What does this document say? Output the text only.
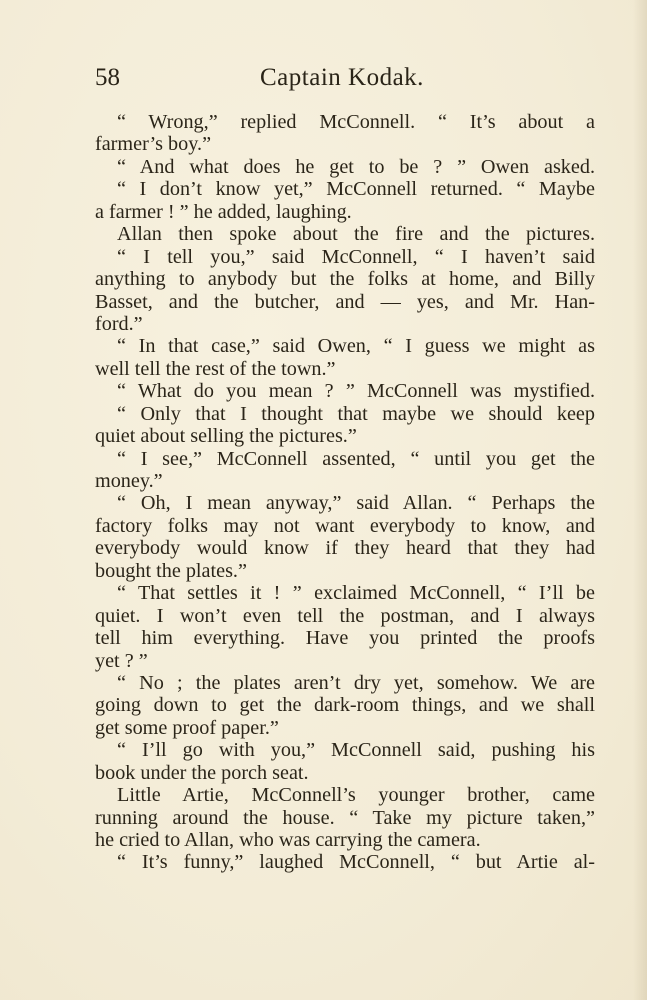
58	Captain Kodak.
“ Wrong,” replied McConnell. “ It’s about a
farmer’s boy.”
“ And what does he get to be ? ” Owen asked.
“ I don’t know yet,” McConnell returned. “ Maybe
a farmer ! ” he added, laughing.
Allan then spoke about the fire and the pictures.
“ I tell you,” said McConnell, “ I haven’t said
anything to anybody but the folks at home, and Billy
Basset, and the butcher, and — yes, and Mr. Han-
ford.”
“ In that case,” said Owen, “ I guess we might as
well tell the rest of the town.”
“ What do you mean ? ” McConnell was mystified.
“ Only that I thought that maybe we should keep
quiet about selling the pictures.”
“ I see,” McConnell assented, “ until you get the
money.”
“ Oh, I mean anyway,” said Allan. “ Perhaps the
factory folks may not want everybody to know, and
everybody would know if they heard that they had
bought the plates.”
“ That settles it ! ” exclaimed McConnell, “ I’ll be
quiet. I won’t even tell the postman, and I always
tell him everything. Have you printed the proofs
yet ? ”
“ No ; the plates aren’t dry yet, somehow. We are
going down to get the dark-room things, and we shall
get some proof paper.”
“ I’ll go with you,” McConnell said, pushing his
book under the porch seat.
Little Artie, McConnell’s younger brother, came
running around the house. “ Take my picture taken,”
he cried to Allan, who was carrying the camera.
“ It’s funny,” laughed McConnell, “ but Artie al-
